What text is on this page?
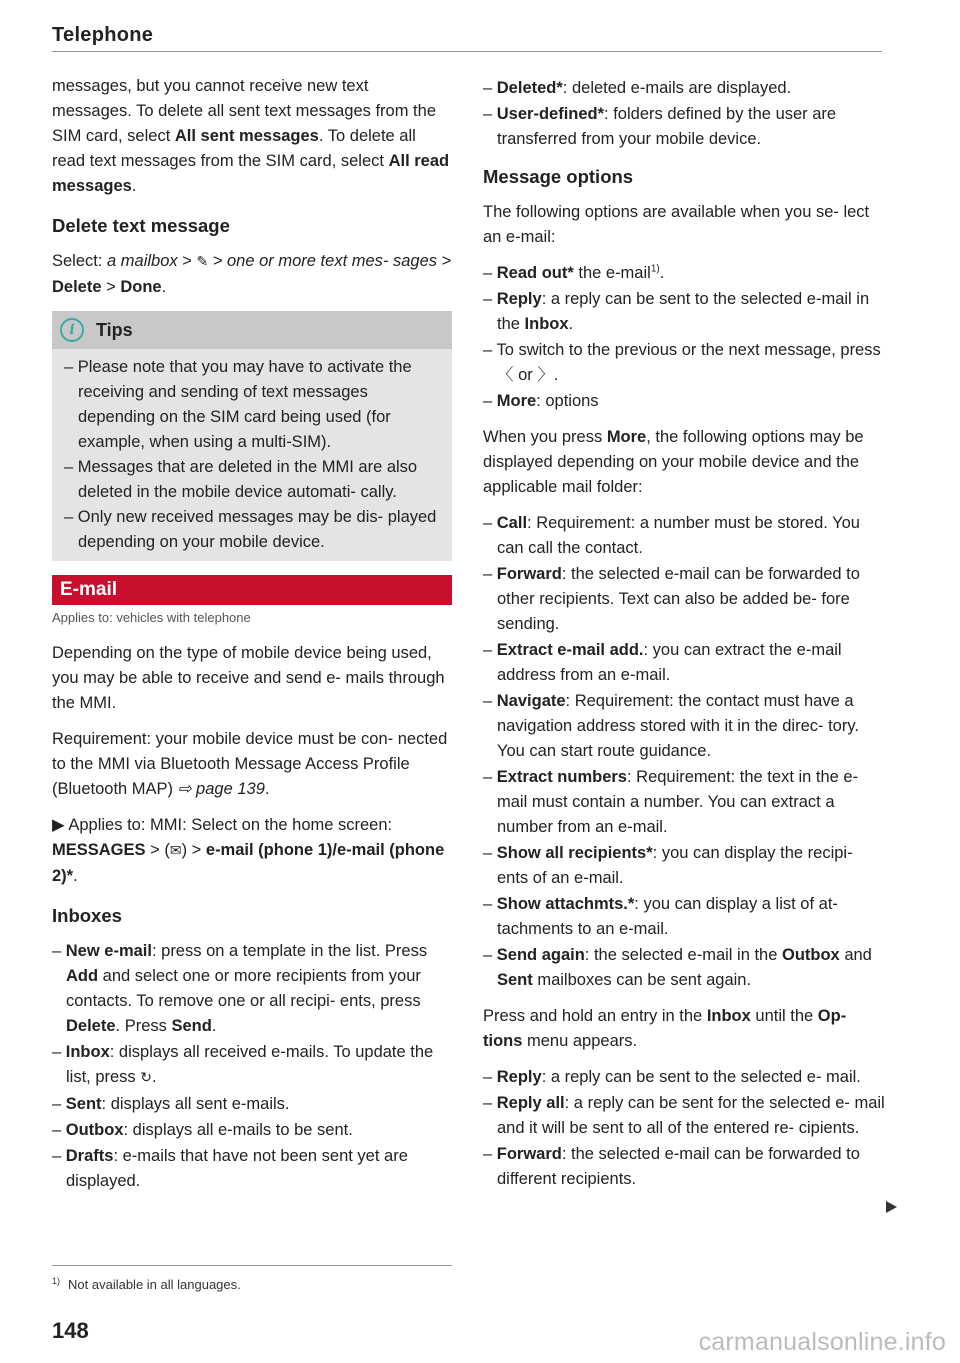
Telephone

messages, but you cannot receive new text messages. To delete all sent text messages from the SIM card, select All sent messages. To delete all read text messages from the SIM card, select All read messages.

Delete text message

Select: a mailbox > ✎ > one or more text mes- sages > Delete > Done.

i	Tips
– Please note that you may have to activate the receiving and sending of text messages depending on the SIM card being used (for example, when using a multi-SIM).
– Messages that are deleted in the MMI are also deleted in the mobile device automati- cally.
– Only new received messages may be dis- played depending on your mobile device.
E-mail
Applies to: vehicles with telephone

Depending on the type of mobile device being used, you may be able to receive and send e- mails through the MMI.

Requirement: your mobile device must be con- nected to the MMI via Bluetooth Message Access Profile (Bluetooth MAP) ⇨ page 139.

▶ Applies to: MMI: Select on the home screen: MESSAGES > (✉) > e-mail (phone 1)/e-mail (phone 2)*.

Inboxes
– New e-mail: press on a template in the list. Press Add and select one or more recipients from your contacts. To remove one or all recipi- ents, press Delete. Press Send.
– Inbox: displays all received e-mails. To update the list, press ↻.
– Sent: displays all sent e-mails.
– Outbox: displays all e-mails to be sent.
– Drafts: e-mails that have not been sent yet are displayed.
– Deleted*: deleted e-mails are displayed.
– User-defined*: folders defined by the user are transferred from your mobile device.
Message options

The following options are available when you se- lect an e-mail:

– Read out* the e-mail$^{1)}$.
– Reply: a reply can be sent to the selected e-mail in the Inbox.
– To switch to the previous or the next message, press 〈 or 〉.
– More: options

When you press More, the following options may be displayed depending on your mobile device and the applicable mail folder:

– Call: Requirement: a number must be stored. You can call the contact.
– Forward: the selected e-mail can be forwarded to other recipients. Text can also be added be- fore sending.
– Extract e-mail add.: you can extract the e-mail address from an e-mail.
– Navigate: Requirement: the contact must have a navigation address stored with it in the direc- tory. You can start route guidance.
– Extract numbers: Requirement: the text in the e-mail must contain a number. You can extract a number from an e-mail.
– Show all recipients*: you can display the recipi- ents of an e-mail.
– Show attachmts.*: you can display a list of at- tachments to an e-mail.
– Send again: the selected e-mail in the Outbox and Sent mailboxes can be sent again.

Press and hold an entry in the Inbox until the Op- tions menu appears.

– Reply: a reply can be sent to the selected e- mail.
– Reply all: a reply can be sent for the selected e- mail and it will be sent to all of the entered re- cipients.
– Forward: the selected e-mail can be forwarded to different recipients.
$^{1)}$ Not available in all languages.
148	carmanualsonline.info
